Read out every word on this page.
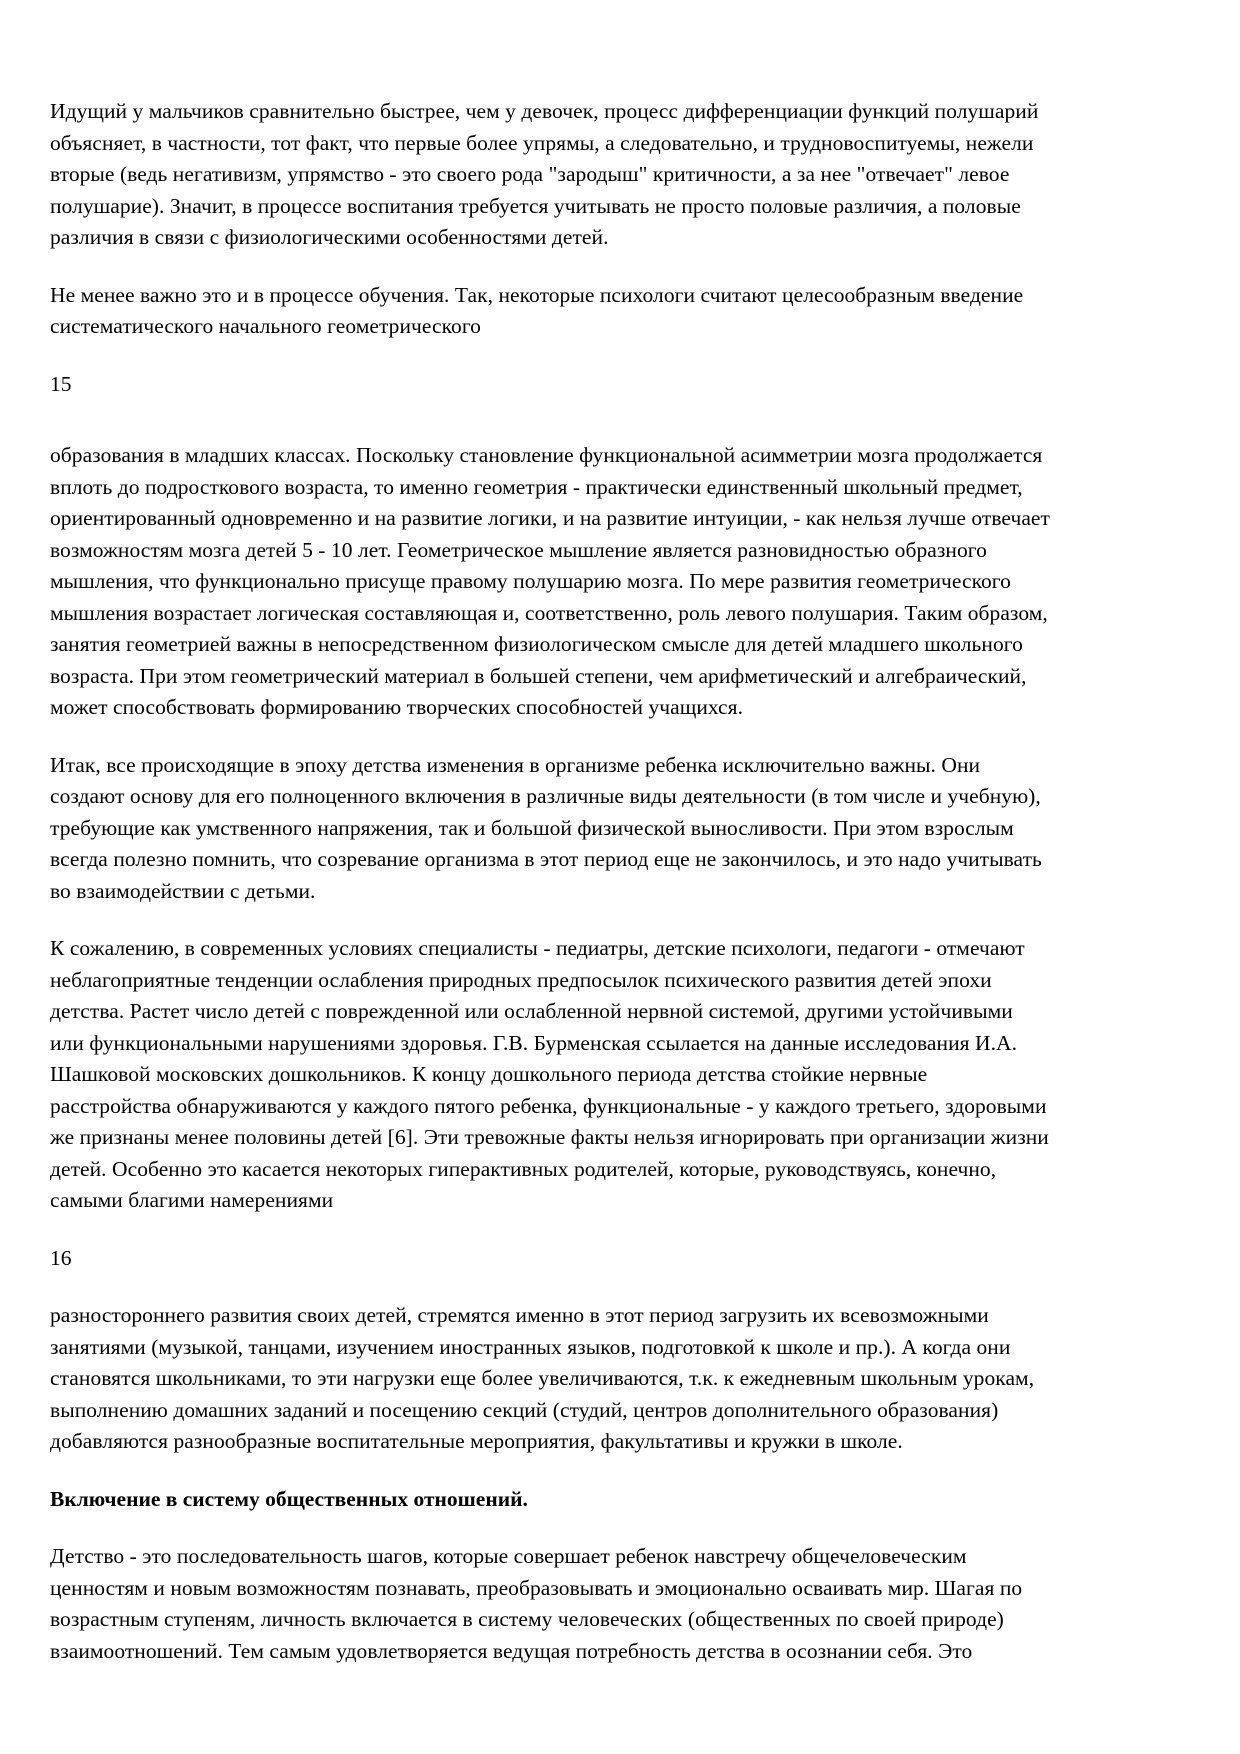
Идущий у мальчиков сравнительно быстрее, чем у девочек, процесс дифференциации функций полушарий объясняет, в частности, тот факт, что первые более упрямы, а следовательно, и трудновоспитуемы, нежели вторые (ведь негативизм, упрямство - это своего рода "зародыш" критичности, а за нее "отвечает" левое полушарие). Значит, в процессе воспитания требуется учитывать не просто половые различия, а половые различия в связи с физиологическими особенностями детей.

Не менее важно это и в процессе обучения. Так, некоторые психологи считают целесообразным введение систематического начального геометрического

15

образования в младших классах. Поскольку становление функциональной асимметрии мозга продолжается вплоть до подросткового возраста, то именно геометрия - практически единственный школьный предмет, ориентированный одновременно и на развитие логики, и на развитие интуиции, - как нельзя лучше отвечает возможностям мозга детей 5 - 10 лет. Геометрическое мышление является разновидностью образного мышления, что функционально присуще правому полушарию мозга. По мере развития геометрического мышления возрастает логическая составляющая и, соответственно, роль левого полушария. Таким образом, занятия геометрией важны в непосредственном физиологическом смысле для детей младшего школьного возраста. При этом геометрический материал в большей степени, чем арифметический и алгебраический, может способствовать формированию творческих способностей учащихся.

Итак, все происходящие в эпоху детства изменения в организме ребенка исключительно важны. Они создают основу для его полноценного включения в различные виды деятельности (в том числе и учебную), требующие как умственного напряжения, так и большой физической выносливости. При этом взрослым всегда полезно помнить, что созревание организма в этот период еще не закончилось, и это надо учитывать во взаимодействии с детьми.

К сожалению, в современных условиях специалисты - педиатры, детские психологи, педагоги - отмечают неблагоприятные тенденции ослабления природных предпосылок психического развития детей эпохи детства. Растет число детей с поврежденной или ослабленной нервной системой, другими устойчивыми или функциональными нарушениями здоровья. Г.В. Бурменская ссылается на данные исследования И.А. Шашковой московских дошкольников. К концу дошкольного периода детства стойкие нервные расстройства обнаруживаются у каждого пятого ребенка, функциональные - у каждого третьего, здоровыми же признаны менее половины детей [6]. Эти тревожные факты нельзя игнорировать при организации жизни детей. Особенно это касается некоторых гиперактивных родителей, которые, руководствуясь, конечно, самыми благими намерениями

16

разностороннего развития своих детей, стремятся именно в этот период загрузить их всевозможными занятиями (музыкой, танцами, изучением иностранных языков, подготовкой к школе и пр.). А когда они становятся школьниками, то эти нагрузки еще более увеличиваются, т.к. к ежедневным школьным урокам, выполнению домашних заданий и посещению секций (студий, центров дополнительного образования) добавляются разнообразные воспитательные мероприятия, факультативы и кружки в школе.

Включение в систему общественных отношений.

Детство - это последовательность шагов, которые совершает ребенок навстречу общечеловеческим ценностям и новым возможностям познавать, преобразовывать и эмоционально осваивать мир. Шагая по возрастным ступеням, личность включается в систему человеческих (общественных по своей природе) взаимоотношений. Тем самым удовлетворяется ведущая потребность детства в осознании себя. Это
